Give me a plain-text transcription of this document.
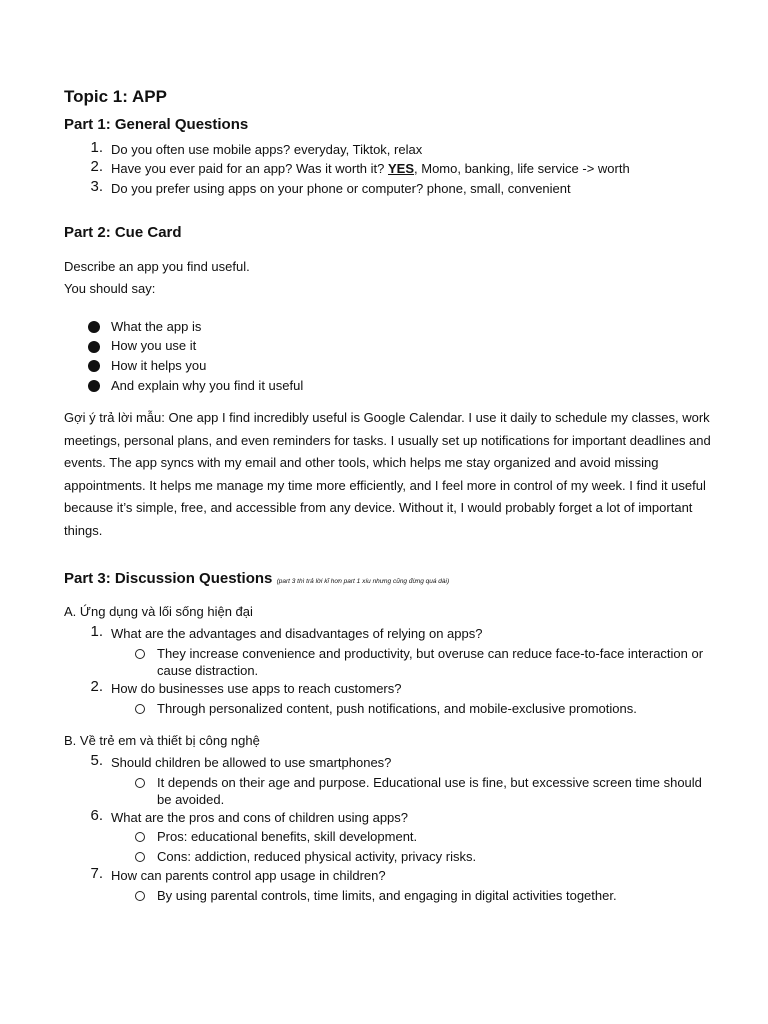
Topic 1: APP
Part 1: General Questions
1. Do you often use mobile apps? everyday, Tiktok, relax
2. Have you ever paid for an app? Was it worth it? YES, Momo, banking, life service -> worth
3. Do you prefer using apps on your phone or computer? phone, small, convenient
Part 2: Cue Card
Describe an app you find useful.
You should say:
What the app is
How you use it
How it helps you
And explain why you find it useful
Gợi ý trả lời mẫu: One app I find incredibly useful is Google Calendar. I use it daily to schedule my classes, work meetings, personal plans, and even reminders for tasks. I usually set up notifications for important deadlines and events. The app syncs with my email and other tools, which helps me stay organized and avoid missing appointments. It helps me manage my time more efficiently, and I feel more in control of my week. I find it useful because it’s simple, free, and accessible from any device. Without it, I would probably forget a lot of important things.
Part 3: Discussion Questions (part 3 thì trả lời kĩ hơn part 1 xíu nhưng cũng đừng quá dài)
A. Ứng dụng và lối sống hiện đại
1. What are the advantages and disadvantages of relying on apps?
They increase convenience and productivity, but overuse can reduce face-to-face interaction or cause distraction.
2. How do businesses use apps to reach customers?
Through personalized content, push notifications, and mobile-exclusive promotions.
B. Về trẻ em và thiết bị công nghệ
5. Should children be allowed to use smartphones?
It depends on their age and purpose. Educational use is fine, but excessive screen time should be avoided.
6. What are the pros and cons of children using apps?
Pros: educational benefits, skill development.
Cons: addiction, reduced physical activity, privacy risks.
7. How can parents control app usage in children?
By using parental controls, time limits, and engaging in digital activities together.
